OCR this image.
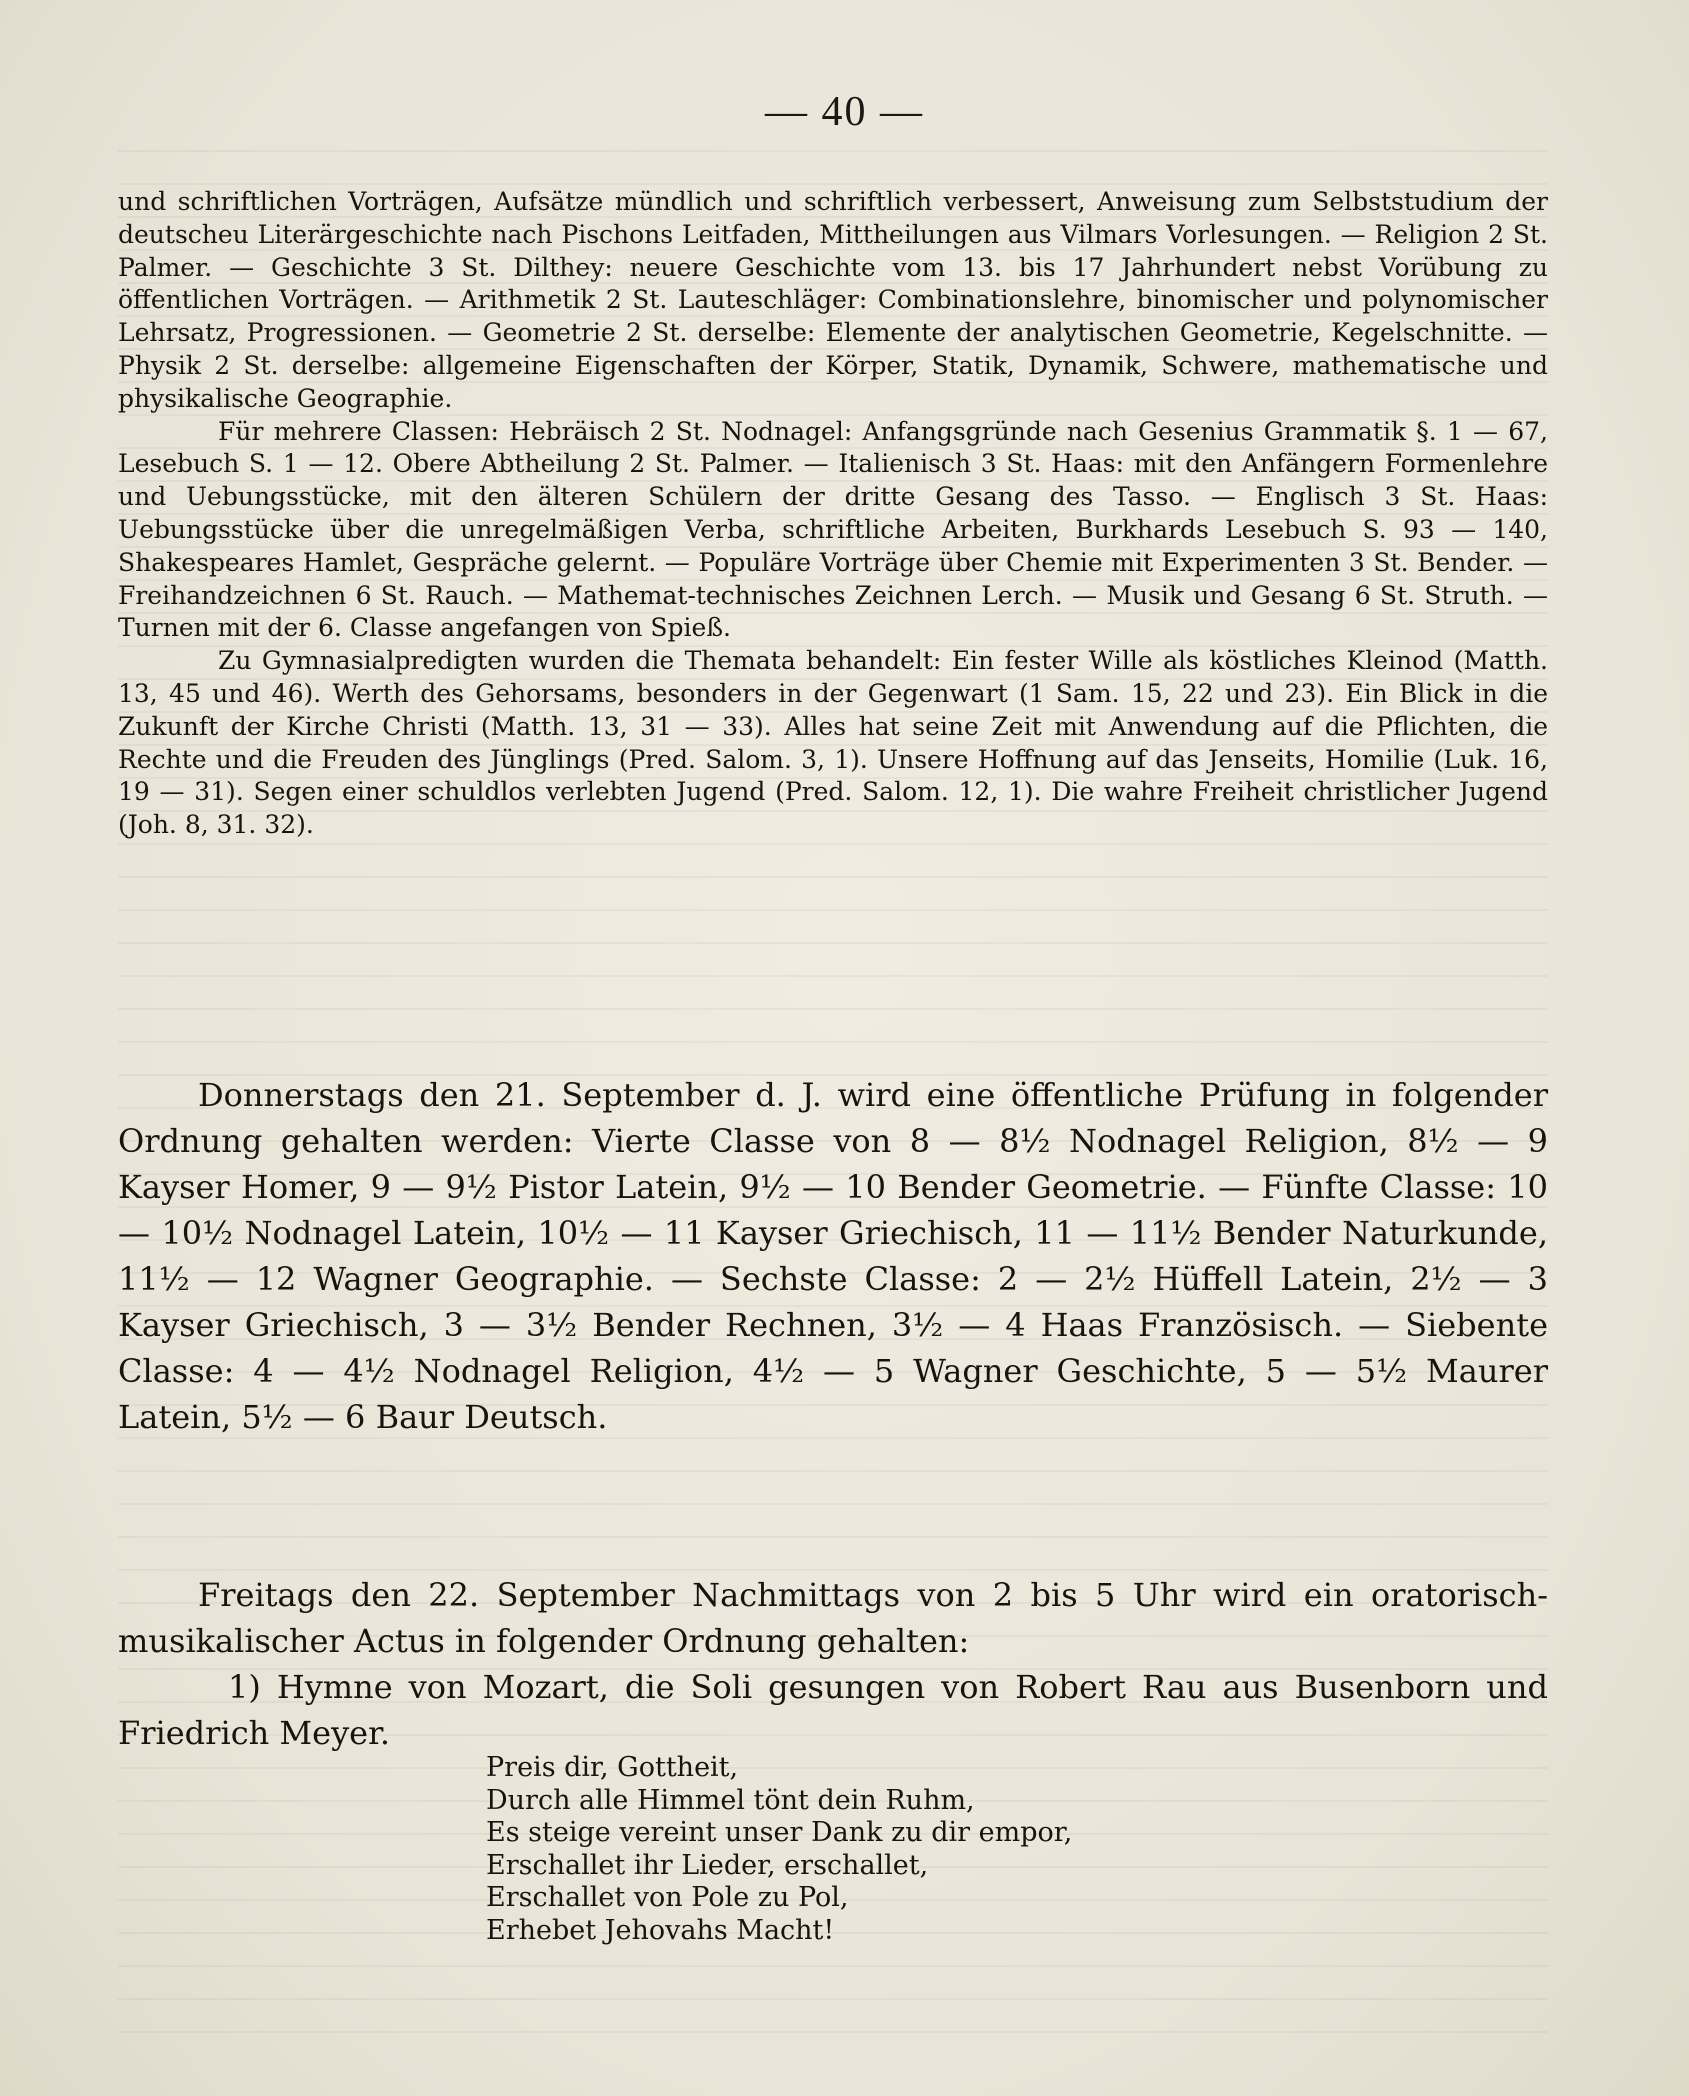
— 40 —

und schriftlichen Vorträgen, Aufsätze mündlich und schriftlich verbessert, Anweisung zum Selbststudium der deutscheu Literärgeschichte nach Pischons Leitfaden, Mittheilungen aus Vilmars Vorlesungen. — Religion 2 St. Palmer. — Geschichte 3 St. Dilthey: neuere Geschichte vom 13. bis 17 Jahrhundert nebst Vorübung zu öffentlichen Vorträgen. — Arithmetik 2 St. Lauteschläger: Combinationslehre, binomischer und polynomischer Lehrsatz, Progressionen. — Geometrie 2 St. derselbe: Elemente der analytischen Geometrie, Kegelschnitte. — Physik 2 St. derselbe: allgemeine Eigenschaften der Körper, Statik, Dynamik, Schwere, mathematische und physikalische Geographie.

Für mehrere Classen: Hebräisch 2 St. Nodnagel: Anfangsgründe nach Gesenius Grammatik §. 1 — 67, Lesebuch S. 1 — 12. Obere Abtheilung 2 St. Palmer. — Italienisch 3 St. Haas: mit den Anfängern Formenlehre und Uebungsstücke, mit den älteren Schülern der dritte Gesang des Tasso. — Englisch 3 St. Haas: Uebungsstücke über die unregelmäßigen Verba, schriftliche Arbeiten, Burkhards Lesebuch S. 93 — 140, Shakespeares Hamlet, Gespräche gelernt. — Populäre Vorträge über Chemie mit Experimenten 3 St. Bender. — Freihandzeichnen 6 St. Rauch. — Mathemat-technisches Zeichnen Lerch. — Musik und Gesang 6 St. Struth. — Turnen mit der 6. Classe angefangen von Spieß.

Zu Gymnasialpredigten wurden die Themata behandelt: Ein fester Wille als köstliches Kleinod (Matth. 13, 45 und 46). Werth des Gehorsams, besonders in der Gegenwart (1 Sam. 15, 22 und 23). Ein Blick in die Zukunft der Kirche Christi (Matth. 13, 31 — 33). Alles hat seine Zeit mit Anwendung auf die Pflichten, die Rechte und die Freuden des Jünglings (Pred. Salom. 3, 1). Unsere Hoffnung auf das Jenseits, Homilie (Luk. 16, 19 — 31). Segen einer schuldlos verlebten Jugend (Pred. Salom. 12, 1). Die wahre Freiheit christlicher Jugend (Joh. 8, 31. 32).

Donnerstags den 21. September d. J. wird eine öffentliche Prüfung in folgender Ordnung gehalten werden: Vierte Classe von 8 — 8½ Nodnagel Religion, 8½ — 9 Kayser Homer, 9 — 9½ Pistor Latein, 9½ — 10 Bender Geometrie. — Fünfte Classe: 10 — 10½ Nodnagel Latein, 10½ — 11 Kayser Griechisch, 11 — 11½ Bender Naturkunde, 11½ — 12 Wagner Geographie. — Sechste Classe: 2 — 2½ Hüffell Latein, 2½ — 3 Kayser Griechisch, 3 — 3½ Bender Rechnen, 3½ — 4 Haas Französisch. — Siebente Classe: 4 — 4½ Nodnagel Religion, 4½ — 5 Wagner Geschichte, 5 — 5½ Maurer Latein, 5½ — 6 Baur Deutsch.

Freitags den 22. September Nachmittags von 2 bis 5 Uhr wird ein oratorisch-musikalischer Actus in folgender Ordnung gehalten:

1) Hymne von Mozart, die Soli gesungen von Robert Rau aus Busenborn und Friedrich Meyer.

Preis dir, Gottheit,
Durch alle Himmel tönt dein Ruhm,
Es steige vereint unser Dank zu dir empor,
Erschallet ihr Lieder, erschallet,
Erschallet von Pole zu Pol,
Erhebet Jehovahs Macht!
